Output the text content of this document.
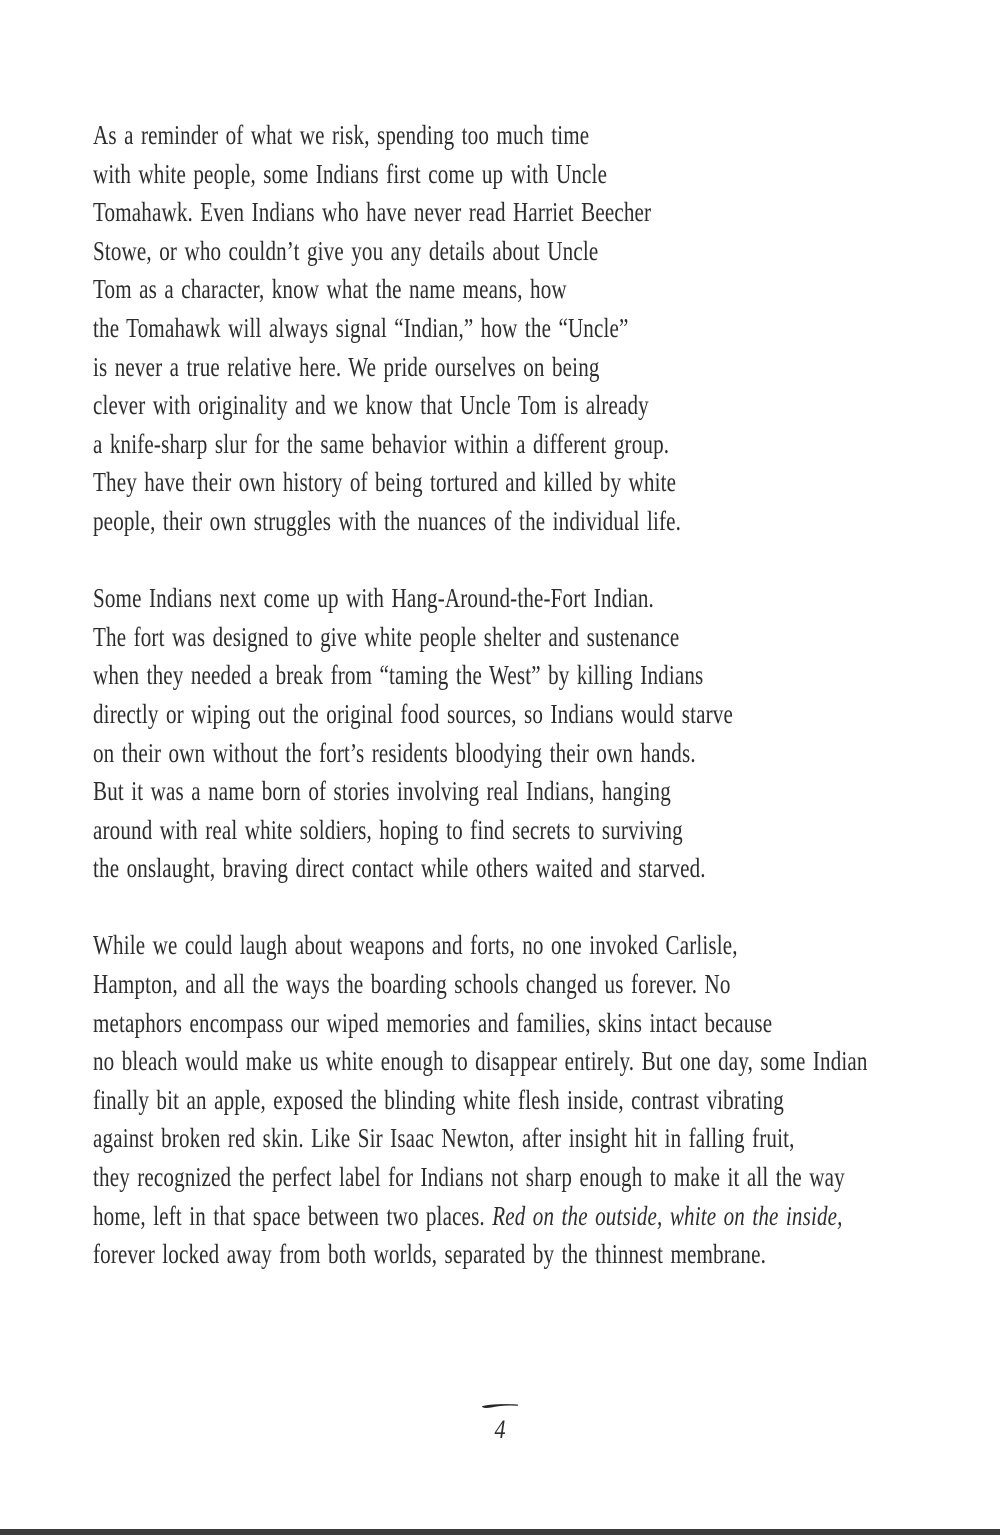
As a reminder of what we risk, spending too much time
with white people, some Indians first come up with Uncle
Tomahawk. Even Indians who have never read Harriet Beecher
Stowe, or who couldn’t give you any details about Uncle
Tom as a character, know what the name means, how
the Tomahawk will always signal “Indian,” how the “Uncle”
is never a true relative here. We pride ourselves on being
clever with originality and we know that Uncle Tom is already
a knife-sharp slur for the same behavior within a different group.
They have their own history of being tortured and killed by white
people, their own struggles with the nuances of the individual life.
Some Indians next come up with Hang-Around-the-Fort Indian.
The fort was designed to give white people shelter and sustenance
when they needed a break from “taming the West” by killing Indians
directly or wiping out the original food sources, so Indians would starve
on their own without the fort’s residents bloodying their own hands.
But it was a name born of stories involving real Indians, hanging
around with real white soldiers, hoping to find secrets to surviving
the onslaught, braving direct contact while others waited and starved.
While we could laugh about weapons and forts, no one invoked Carlisle,
Hampton, and all the ways the boarding schools changed us forever. No
metaphors encompass our wiped memories and families, skins intact because
no bleach would make us white enough to disappear entirely. But one day, some Indian
finally bit an apple, exposed the blinding white flesh inside, contrast vibrating
against broken red skin. Like Sir Isaac Newton, after insight hit in falling fruit,
they recognized the perfect label for Indians not sharp enough to make it all the way
home, left in that space between two places. Red on the outside, white on the inside,
forever locked away from both worlds, separated by the thinnest membrane.
4
